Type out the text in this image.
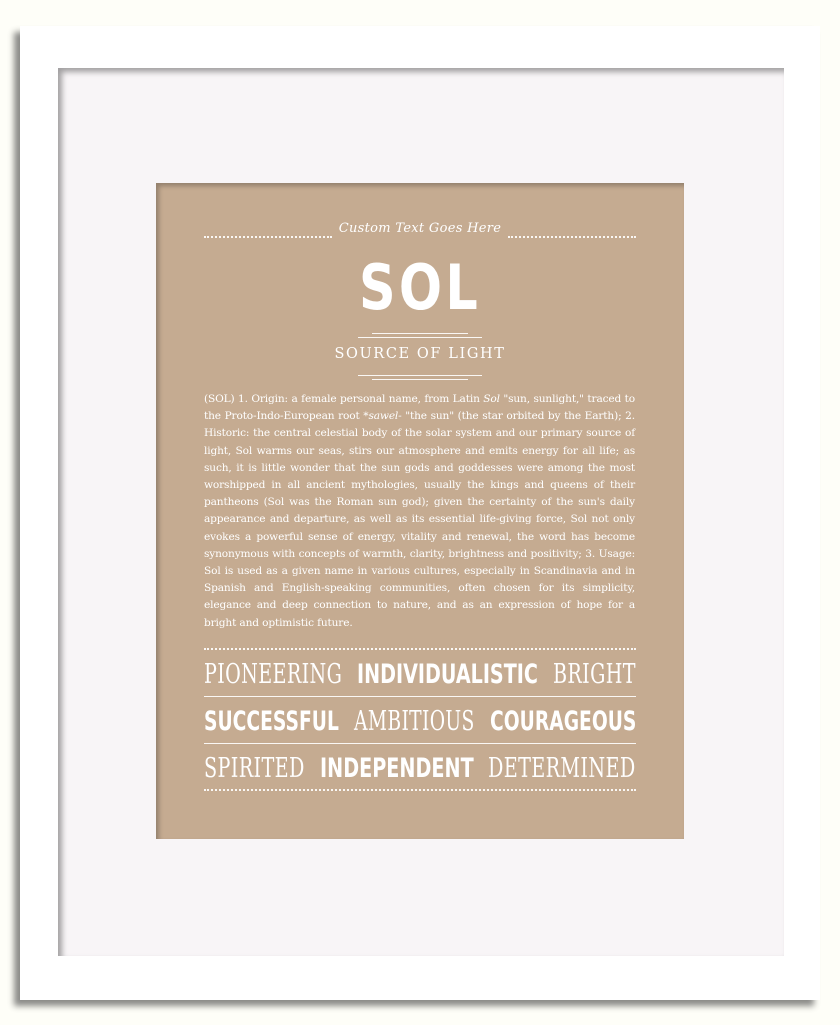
Custom Text Goes Here
SOL
SOURCE OF LIGHT
(SOL) 1. Origin: a female personal name, from Latin Sol "sun, sunlight," traced to the Proto-Indo-European root *sawel- "the sun" (the star orbited by the Earth); 2. Historic: the central celestial body of the solar system and our primary source of light, Sol warms our seas, stirs our atmosphere and emits energy for all life; as such, it is little wonder that the sun gods and goddesses were among the most worshipped in all ancient mythologies, usually the kings and queens of their pantheons (Sol was the Roman sun god); given the certainty of the sun's daily appearance and departure, as well as its essential life-giving force, Sol not only evokes a powerful sense of energy, vitality and renewal, the word has become synonymous with concepts of warmth, clarity, brightness and positivity; 3. Usage: Sol is used as a given name in various cultures, especially in Scandinavia and in Spanish and English-speaking communities, often chosen for its simplicity, elegance and deep connection to nature, and as an expression of hope for a bright and optimistic future.
PIONEERING INDIVIDUALISTIC BRIGHT
SUCCESSFUL AMBITIOUS COURAGEOUS
SPIRITED INDEPENDENT DETERMINED
